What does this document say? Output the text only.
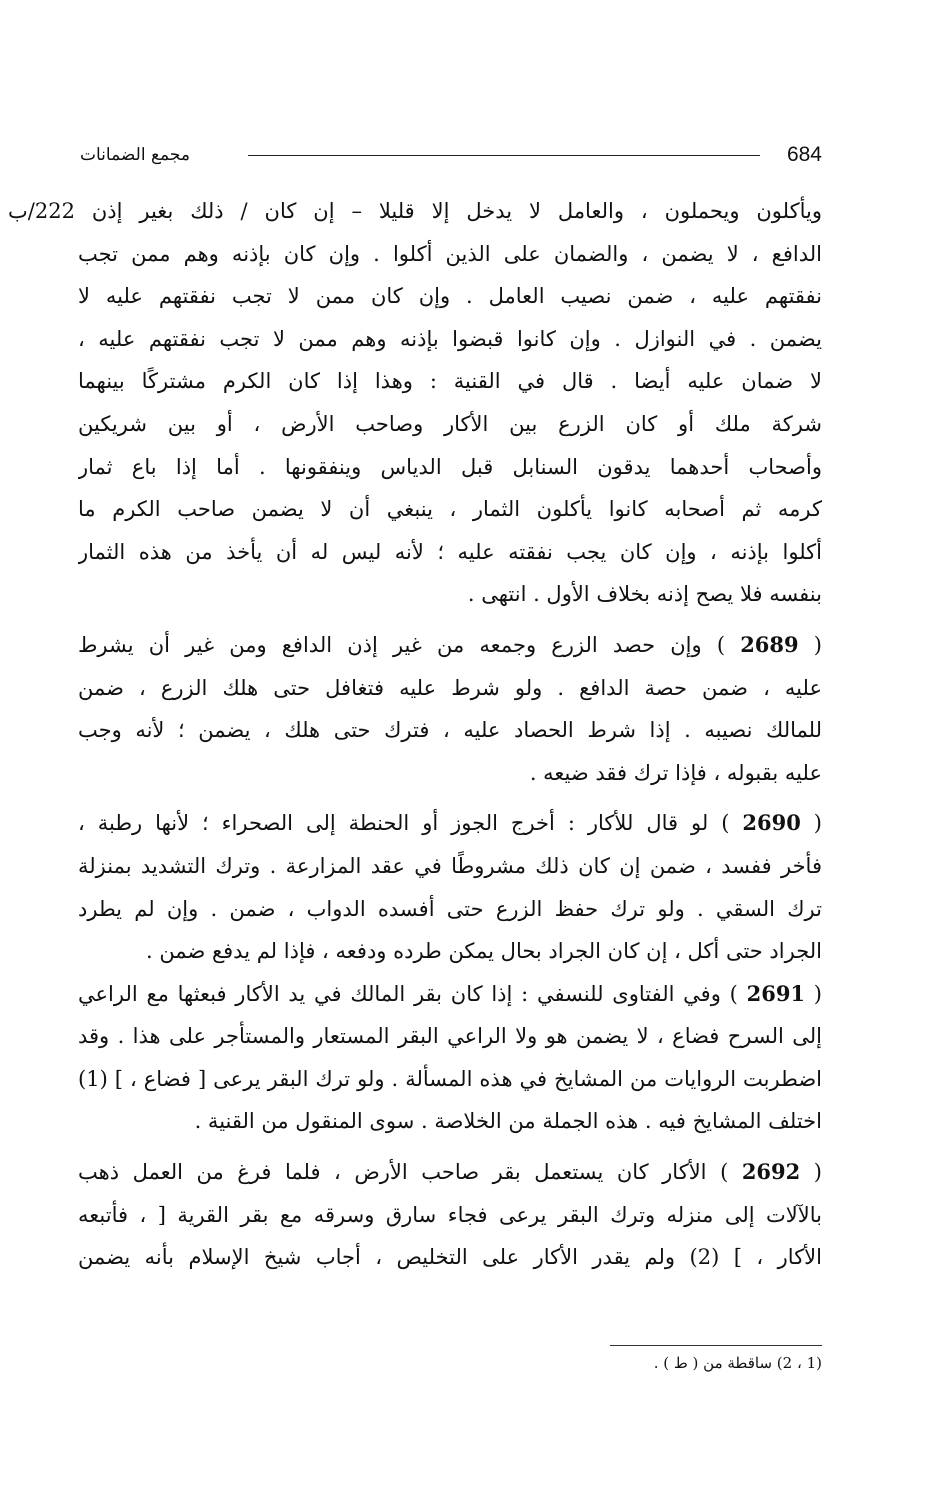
684
مجمع الضمانات
ويأكلون ويحملون ، والعامل لا يدخل إلا قليلا – إن كان / ذلك بغير إذن 222/ب
الدافع ، لا يضمن ، والضمان على الذين أكلوا . وإن كان بإذنه وهم ممن تجب
نفقتهم عليه ، ضمن نصيب العامل . وإن كان ممن لا تجب نفقتهم عليه لا
يضمن . في النوازل . وإن كانوا قبضوا بإذنه وهم ممن لا تجب نفقتهم عليه ،
لا ضمان عليه أيضا . قال في القنية : وهذا إذا كان الكرم مشتركًا بينهما
شركة ملك أو كان الزرع بين الأكار وصاحب الأرض ، أو بين شريكين
وأصحاب أحدهما يدقون السنابل قبل الدياس وينفقونها . أما إذا باع ثمار
كرمه ثم أصحابه كانوا يأكلون الثمار ، ينبغي أن لا يضمن صاحب الكرم ما
أكلوا بإذنه ، وإن كان يجب نفقته عليه ؛ لأنه ليس له أن يأخذ من هذه الثمار
بنفسه فلا يصح إذنه بخلاف الأول . انتهى .
( 2689 ) وإن حصد الزرع وجمعه من غير إذن الدافع ومن غير أن يشرط
عليه ، ضمن حصة الدافع . ولو شرط عليه فتغافل حتى هلك الزرع ، ضمن
للمالك نصيبه . إذا شرط الحصاد عليه ، فترك حتى هلك ، يضمن ؛ لأنه وجب
عليه بقبوله ، فإذا ترك فقد ضيعه .
( 2690 ) لو قال للأكار : أخرج الجوز أو الحنطة إلى الصحراء ؛ لأنها رطبة ،
فأخر ففسد ، ضمن إن كان ذلك مشروطًا في عقد المزارعة . وترك التشديد بمنزلة
ترك السقي . ولو ترك حفظ الزرع حتى أفسده الدواب ، ضمن . وإن لم يطرد
الجراد حتى أكل ، إن كان الجراد بحال يمكن طرده ودفعه ، فإذا لم يدفع ضمن .
( 2691 ) وفي الفتاوى للنسفي : إذا كان بقر المالك في يد الأكار فبعثها مع الراعي
إلى السرح فضاع ، لا يضمن هو ولا الراعي البقر المستعار والمستأجر على هذا . وقد
اضطربت الروايات من المشايخ في هذه المسألة . ولو ترك البقر يرعى [ فضاع ، ] (1)
اختلف المشايخ فيه . هذه الجملة من الخلاصة . سوى المنقول من القنية .
( 2692 ) الأكار كان يستعمل بقر صاحب الأرض ، فلما فرغ من العمل ذهب
بالآلات إلى منزله وترك البقر يرعى فجاء سارق وسرقه مع بقر القرية [ ، فأتبعه
الأكار ، ] (2) ولم يقدر الأكار على التخليص ، أجاب شيخ الإسلام بأنه يضمن
(1 ، 2) ساقطة من ( ط ) .
